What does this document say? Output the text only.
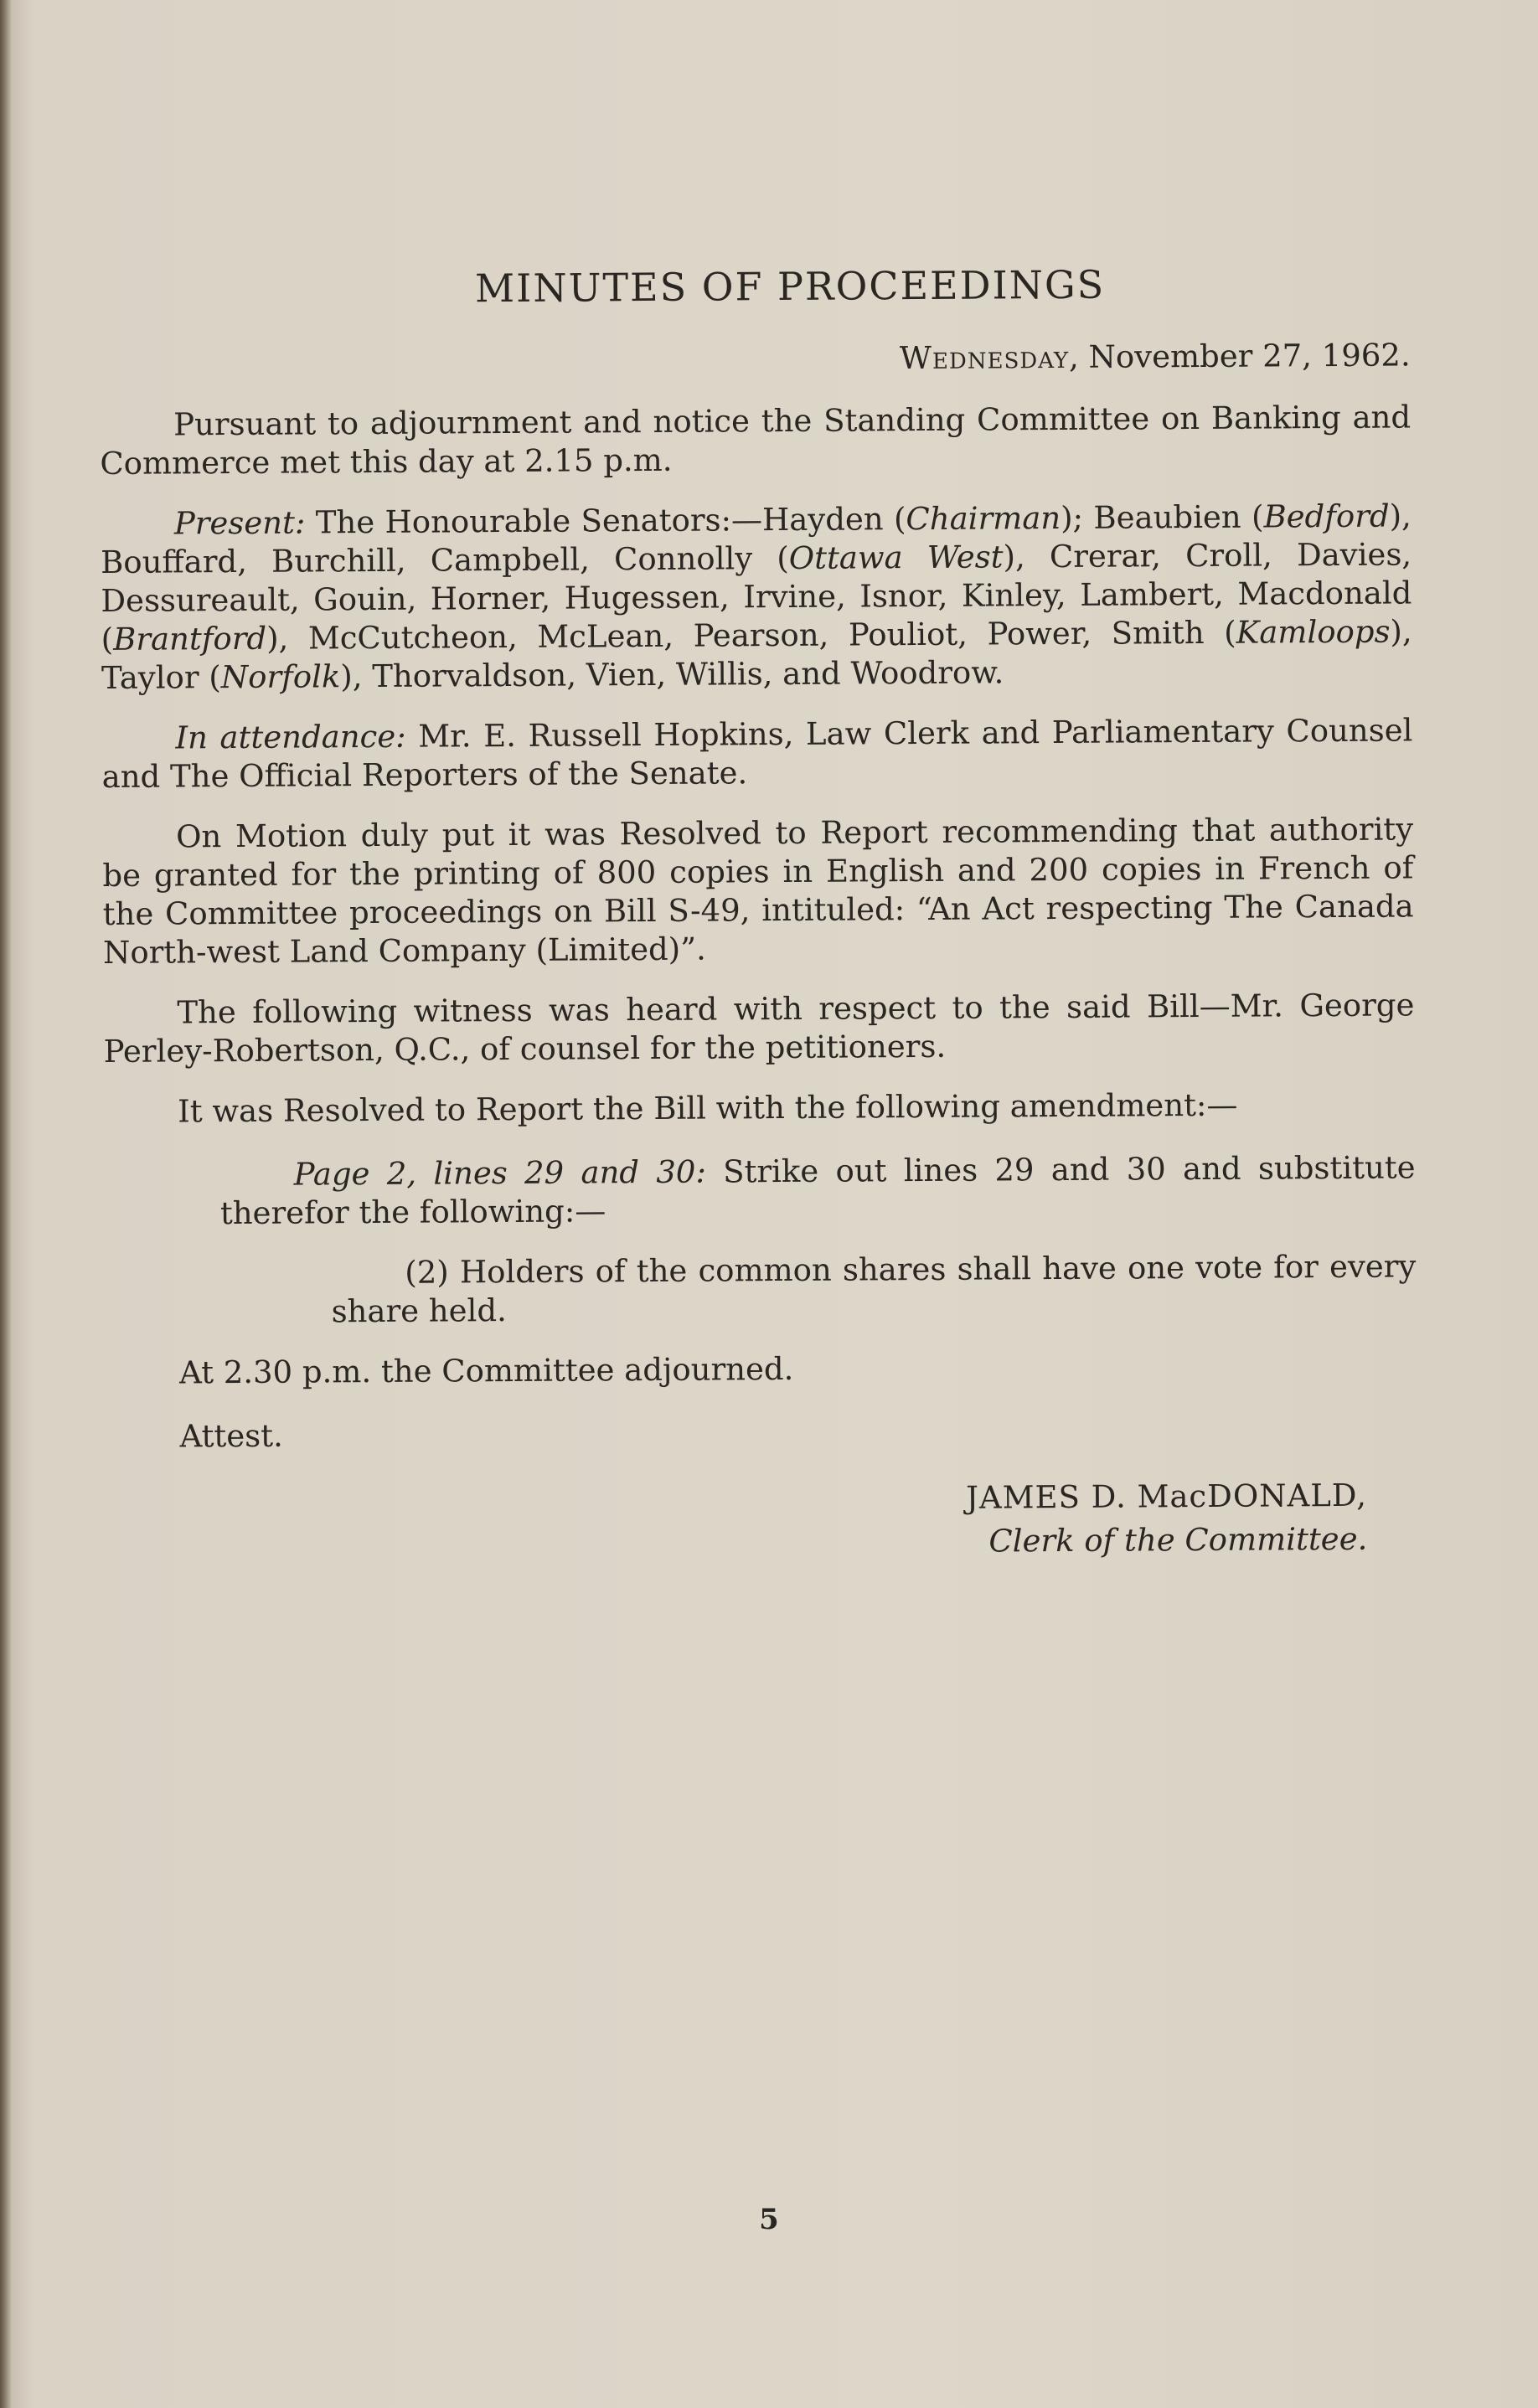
MINUTES OF PROCEEDINGS
Wednesday, November 27, 1962.

Pursuant to adjournment and notice the Standing Committee on Banking and Commerce met this day at 2.15 p.m.

Present: The Honourable Senators:—Hayden (Chairman); Beaubien (Bedford), Bouffard, Burchill, Campbell, Connolly (Ottawa West), Crerar, Croll, Davies, Dessureault, Gouin, Horner, Hugessen, Irvine, Isnor, Kinley, Lambert, Macdonald (Brantford), McCutcheon, McLean, Pearson, Pouliot, Power, Smith (Kamloops), Taylor (Norfolk), Thorvaldson, Vien, Willis, and Woodrow.

In attendance: Mr. E. Russell Hopkins, Law Clerk and Parliamentary Counsel and The Official Reporters of the Senate.

On Motion duly put it was Resolved to Report recommending that authority be granted for the printing of 800 copies in English and 200 copies in French of the Committee proceedings on Bill S-49, intituled: “An Act respecting The Canada North-west Land Company (Limited)”.

The following witness was heard with respect to the said Bill—Mr. George Perley-Robertson, Q.C., of counsel for the petitioners.

It was Resolved to Report the Bill with the following amendment:—

Page 2, lines 29 and 30: Strike out lines 29 and 30 and substitute therefor the following:—

(2) Holders of the common shares shall have one vote for every share held.

At 2.30 p.m. the Committee adjourned.

Attest.

JAMES D. MacDONALD,
Clerk of the Committee.
5
